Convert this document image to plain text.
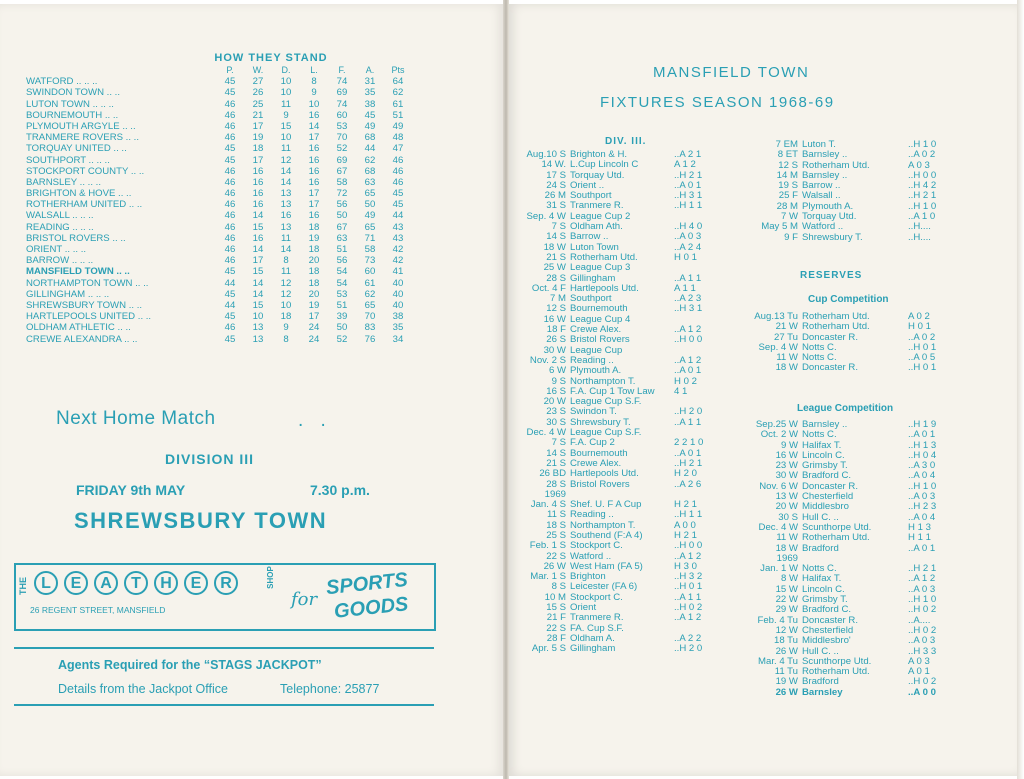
HOW THEY STAND
P.	W.	D.	L.	F.	A.	Pts
WATFORD .. .. ..	45	27	10	8	74	31	64
SWINDON TOWN .. ..	45	26	10	9	69	35	62
LUTON TOWN .. .. ..	46	25	11	10	74	38	61
BOURNEMOUTH .. ..	46	21	9	16	60	45	51
PLYMOUTH ARGYLE .. ..	46	17	15	14	53	49	49
TRANMERE ROVERS .. ..	46	19	10	17	70	68	48
TORQUAY UNITED .. ..	45	18	11	16	52	44	47
SOUTHPORT .. .. ..	45	17	12	16	69	62	46
STOCKPORT COUNTY .. ..	46	16	14	16	67	68	46
BARNSLEY .. .. ..	46	16	14	16	58	63	46
BRIGHTON & HOVE .. ..	46	16	13	17	72	65	45
ROTHERHAM UNITED .. ..	46	16	13	17	56	50	45
WALSALL .. .. ..	46	14	16	16	50	49	44
READING .. .. ..	46	15	13	18	67	65	43
BRISTOL ROVERS .. ..	46	16	11	19	63	71	43
ORIENT .. .. ..	46	14	14	18	51	58	42
BARROW .. .. ..	46	17	8	20	56	73	42
MANSFIELD TOWN .. ..	45	15	11	18	54	60	41
NORTHAMPTON TOWN .. ..	44	14	12	18	54	61	40
GILLINGHAM .. .. ..	45	14	12	20	53	62	40
SHREWSBURY TOWN .. ..	44	15	10	19	51	65	40
HARTLEPOOLS UNITED .. ..	45	10	18	17	39	70	38
OLDHAM ATHLETIC .. ..	46	13	9	24	50	83	35
CREWE ALEXANDRA .. ..	45	13	8	24	52	76	34
Next Home Match	. .
DIVISION III
FRIDAY 9th MAY	7.30 p.m.
SHREWSBURY TOWN
THE L	E	A	T	H	E	R	SHOP
26 REGENT STREET, MANSFIELD	for
SPORTS
GOODS
Agents Required for the “STAGS JACKPOT”
Details from the Jackpot Office	Telephone: 25877
MANSFIELD TOWN
FIXTURES SEASON 1968-69
DIV. III.
Aug.10 S Brighton & H.	..A 2 1
14 W. L.Cup Lincoln C	A 1 2
17 S Torquay Utd.	..H 2 1
24 S Orient ..	..A 0 1
26 M Southport	..H 3 1
31 S Tranmere R.	..H 1 1
Sep. 4 W League Cup 2
7 S Oldham Ath.	..H 4 0
14 S Barrow ..	..A 0 3
18 W Luton Town	..A 2 4
21 S Rotherham Utd.	H 0 1
25 W League Cup 3
28 S Gillingham	..A 1 1
Oct. 4 F Hartlepools Utd.	A 1 1
7 M Southport	..A 2 3
12 S Bournemouth	..H 3 1
16 W League Cup 4
18 F Crewe Alex.	..A 1 2
26 S Bristol Rovers	..H 0 0
30 W League Cup
Nov. 2 S Reading ..	..A 1 2
6 W Plymouth A.	..A 0 1
9 S Northampton T.	H 0 2
16 S F.A. Cup 1 Tow Law	4 1
20 W League Cup S.F.
23 S Swindon T.	..H 2 0
30 S Shrewsbury T.	..A 1 1
Dec. 4 W League Cup S.F.
7 S F.A. Cup 2	2 2 1 0
14 S Bournemouth	..A 0 1
21 S Crewe Alex.	..H 2 1
26 BD Hartlepools Utd.	H 2 0
28 S Bristol Rovers	..A 2 6
1969
Jan. 4 S Shef. U. F A Cup	H 2 1
11 S Reading ..	..H 1 1
18 S Northampton T.	A 0 0
25 S Southend (F:A 4)	H 2 1
Feb. 1 S Stockport C.	..H 0 0
22 S Watford ..	..A 1 2
26 W West Ham (FA 5)	H 3 0
Mar. 1 S Brighton	..H 3 2
8 S Leicester (FA 6)	..H 0 1
10 M Stockport C.	..A 1 1
15 S Orient	..H 0 2
21 F Tranmere R.	..A 1 2
22 S FA. Cup S.F.
28 F Oldham A.	..A 2 2
Apr. 5 S Gillingham	..H 2 0
7 EM Luton T.	..H 1 0
8 ET Barnsley ..	..A 0 2
12 S Rotherham Utd.	A 0 3
14 M Barnsley ..	..H 0 0
19 S Barrow ..	..H 4 2
25 F Walsall ..	..H 2 1
28 M Plymouth A.	..H 1 0
7 W Torquay Utd.	..A 1 0
May 5 M Watford ..	..H....
9 F Shrewsbury T.	..H....
RESERVES
Cup Competition
Aug.13 Tu Rotherham Utd.	A 0 2
21 W Rotherham Utd.	H 0 1
27 Tu Doncaster R.	..A 0 2
Sep. 4 W Notts C.	..H 0 1
11 W Notts C.	..A 0 5
18 W Doncaster R.	..H 0 1
League Competition
Sep.25 W Barnsley ..	..H 1 9
Oct. 2 W Notts C.	..A 0 1
9 W Halifax T.	..H 1 3
16 W Lincoln C.	..H 0 4
23 W Grimsby T.	..A 3 0
30 W Bradford C.	..A 0 4
Nov. 6 W Doncaster R.	..H 1 0
13 W Chesterfield	..A 0 3
20 W Middlesbro	..H 2 3
30 S Hull C. ..	..A 0 4
Dec. 4 W Scunthorpe Utd.	H 1 3
11 W Rotherham Utd.	H 1 1
18 W Bradford	..A 0 1
1969
Jan. 1 W Notts C.	..H 2 1
8 W Halifax T.	..A 1 2
15 W Lincoln C.	..A 0 3
22 W Grimsby T.	..H 1 0
29 W Bradford C.	..H 0 2
Feb. 4 Tu Doncaster R.	..A....
12 W Chesterfield	..H 0 2
18 Tu Middlesbro'	..A 0 3
26 W Hull C. ..	..H 3 3
Mar. 4 Tu Scunthorpe Utd.	A 0 3
11 Tu Rotherham Utd.	A 0 1
19 W Bradford	..H 0 2
26 W Barnsley	..A 0 0
